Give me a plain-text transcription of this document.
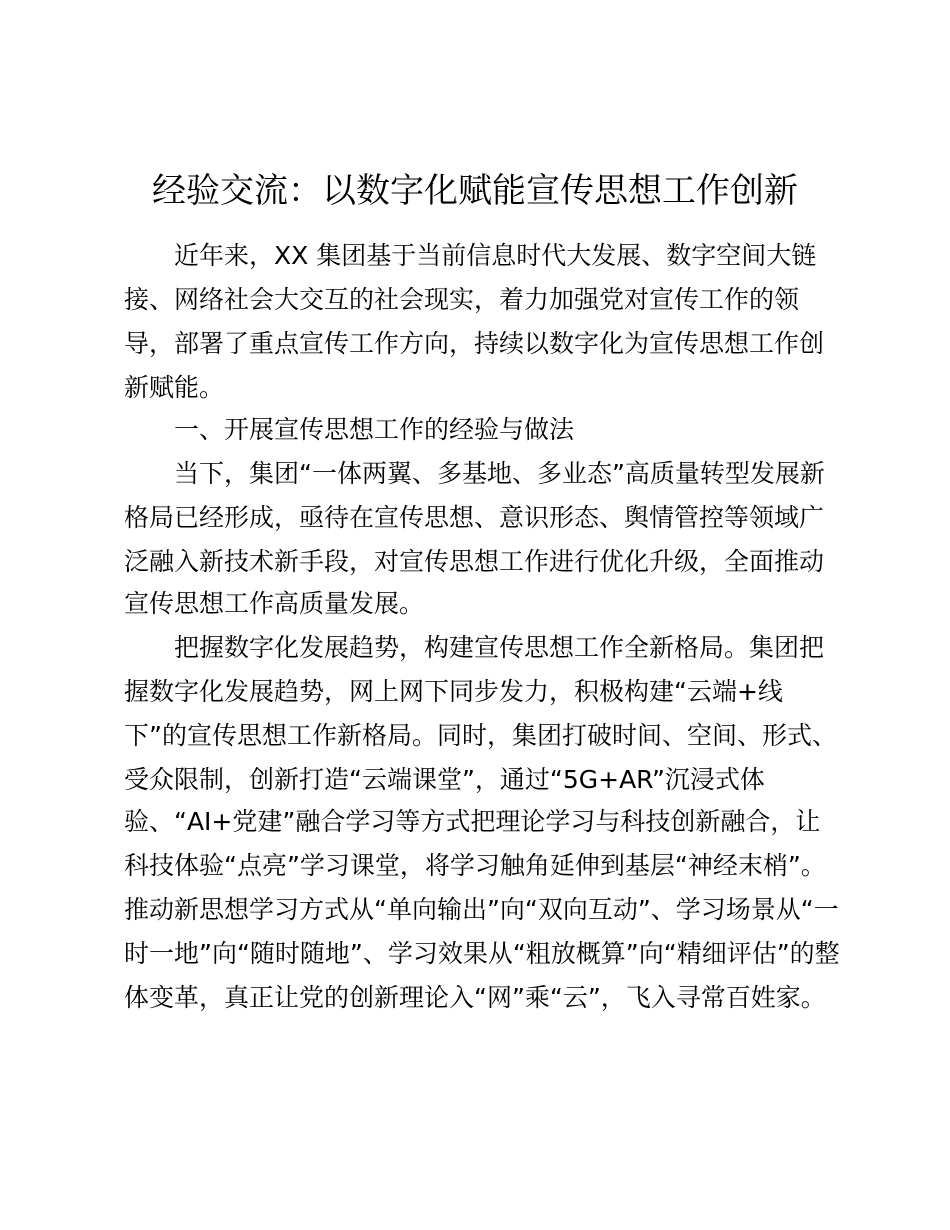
经验交流：以数字化赋能宣传思想工作创新
近年来，XX 集团基于当前信息时代大发展、数字空间大链
接、网络社会大交互的社会现实，着力加强党对宣传工作的领
导，部署了重点宣传工作方向，持续以数字化为宣传思想工作创
新赋能。
一、开展宣传思想工作的经验与做法
当下，集团“一体两翼、多基地、多业态”高质量转型发展新
格局已经形成，亟待在宣传思想、意识形态、舆情管控等领域广
泛融入新技术新手段，对宣传思想工作进行优化升级，全面推动
宣传思想工作高质量发展。
把握数字化发展趋势，构建宣传思想工作全新格局。集团把
握数字化发展趋势，网上网下同步发力，积极构建“云端+线
下”的宣传思想工作新格局。同时，集团打破时间、空间、形式、
受众限制，创新打造“云端课堂”，通过“5G+AR”沉浸式体
验、“AI+党建”融合学习等方式把理论学习与科技创新融合，让
科技体验“点亮”学习课堂，将学习触角延伸到基层“神经末梢”。
推动新思想学习方式从“单向输出”向“双向互动”、学习场景从“一
时一地”向“随时随地”、学习效果从“粗放概算”向“精细评估”的整
体变革，真正让党的创新理论入“网”乘“云”，飞入寻常百姓家。
